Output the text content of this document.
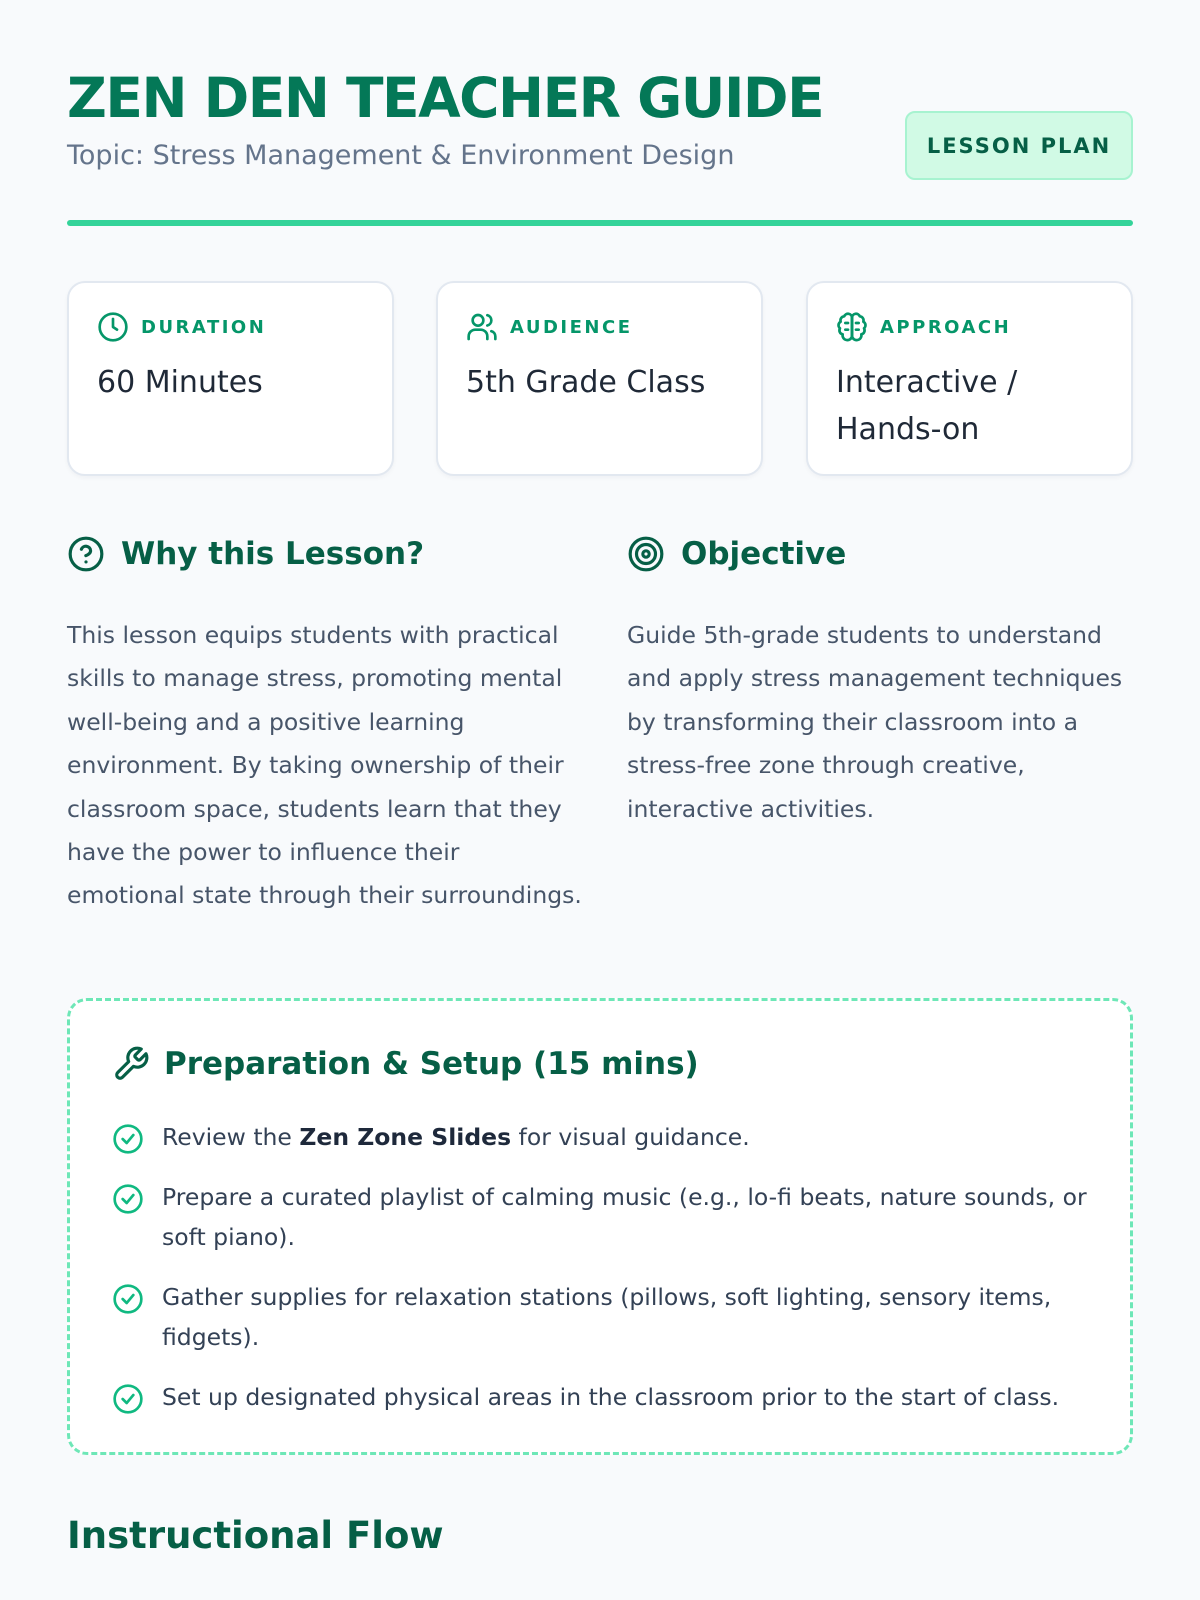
ZEN DEN TEACHER GUIDE
Topic: Stress Management & Environment Design	LESSON PLAN
DURATION
60 Minutes
AUDIENCE
5th Grade Class
APPROACH
Interactive / Hands-on
Why this Lesson?

This lesson equips students with practical skills to manage stress, promoting mental well-being and a positive learning environment. By taking ownership of their classroom space, students learn that they have the power to influence their emotional state through their surroundings.

Objective

Guide 5th-grade students to understand and apply stress management techniques by transforming their classroom into a stress-free zone through creative, interactive activities.

Preparation & Setup (15 mins)
Review the Zen Zone Slides for visual guidance.
Prepare a curated playlist of calming music (e.g., lo-fi beats, nature sounds, or soft piano).
Gather supplies for relaxation stations (pillows, soft lighting, sensory items, fidgets).
Set up designated physical areas in the classroom prior to the start of class.
Instructional Flow
